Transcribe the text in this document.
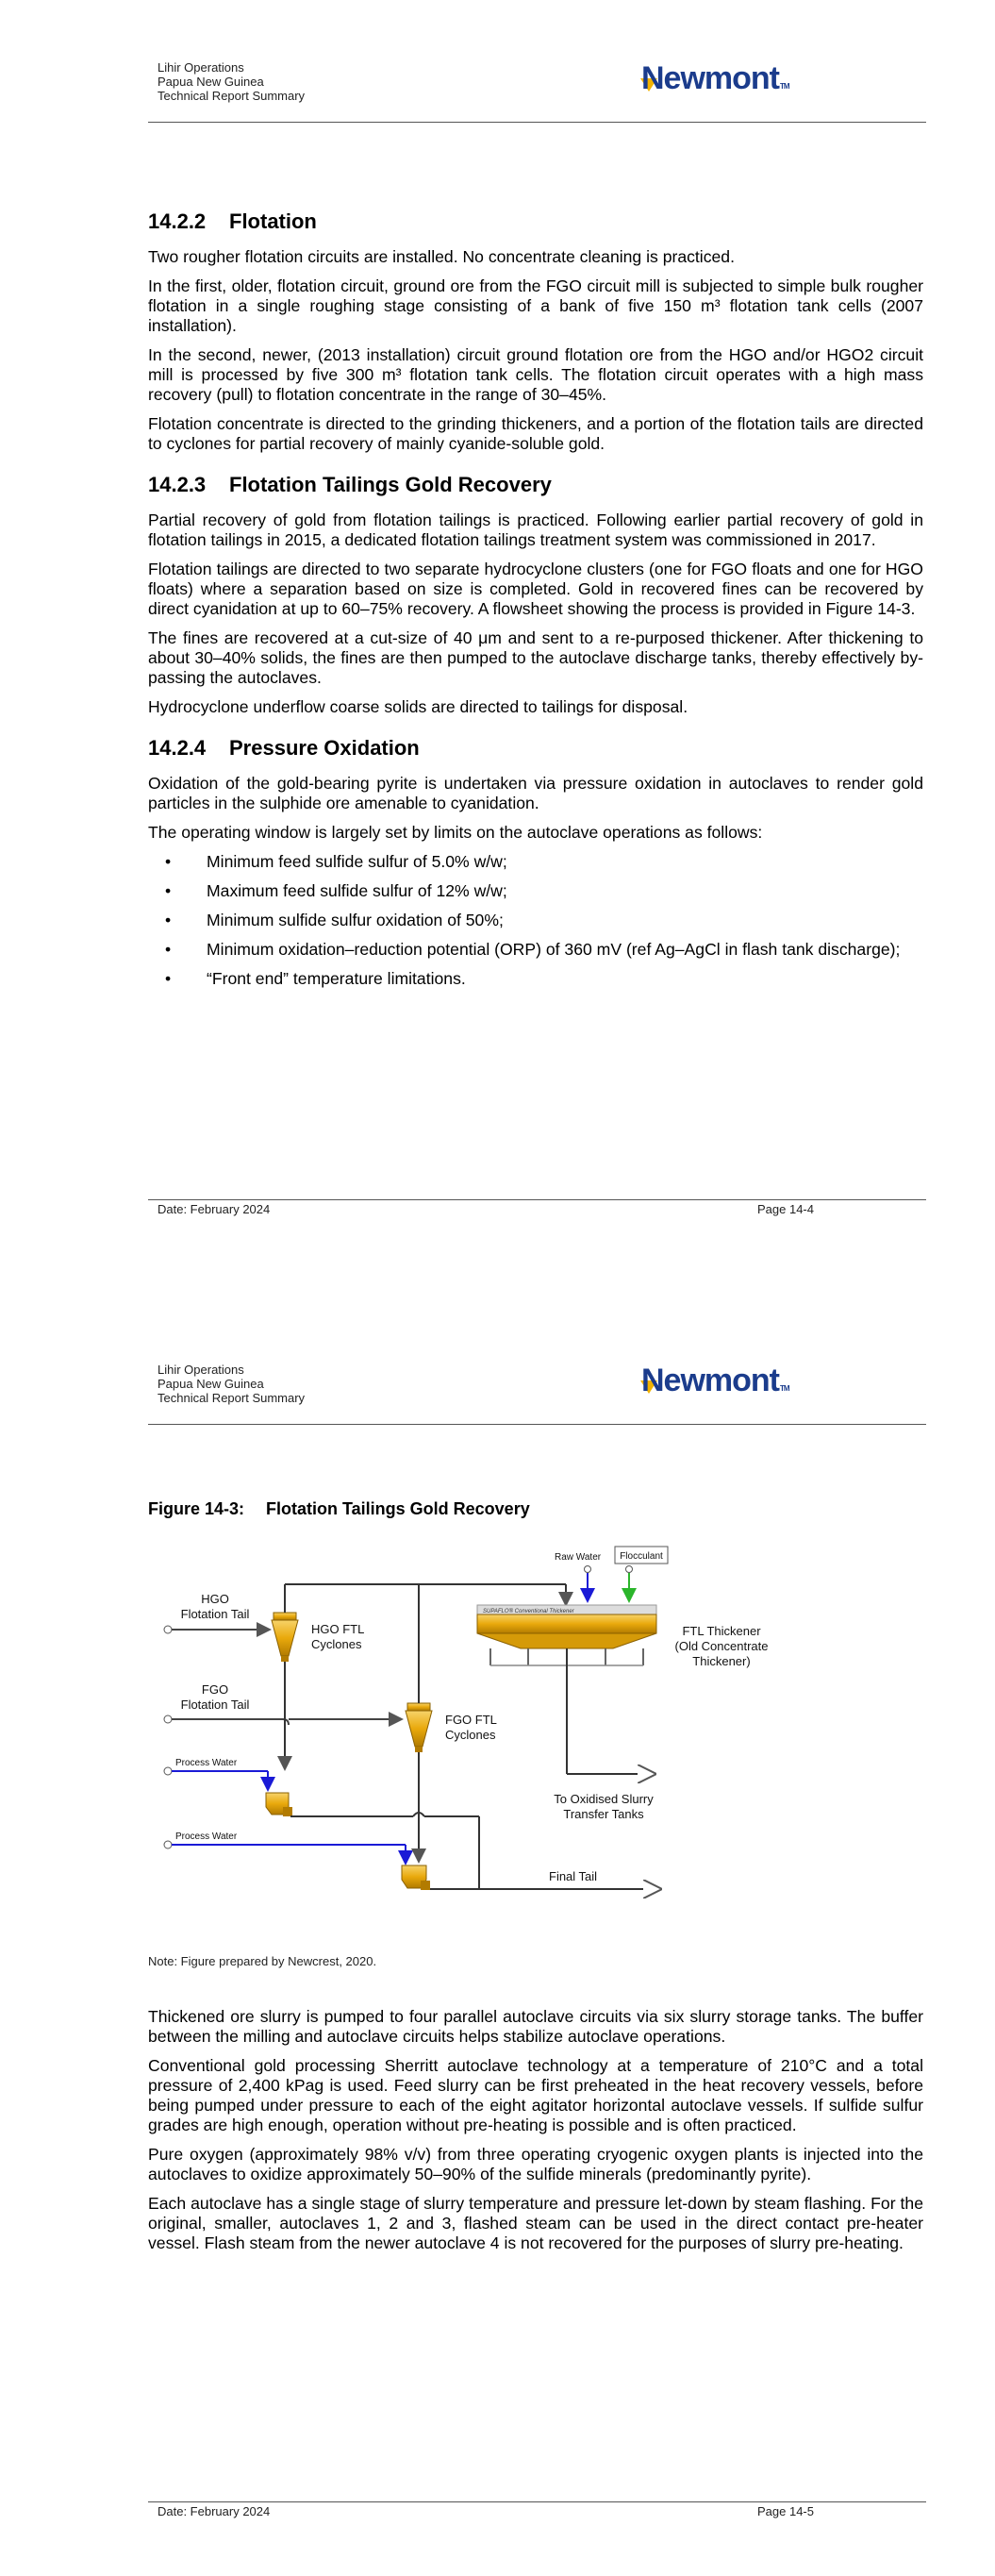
Lihir Operations
Papua New Guinea
Technical Report Summary	NewmontTM
14.2.2 Flotation

Two rougher flotation circuits are installed. No concentrate cleaning is practiced.

In the first, older, flotation circuit, ground ore from the FGO circuit mill is subjected to simple bulk rougher flotation in a single roughing stage consisting of a bank of five 150 m³ flotation tank cells (2007 installation).

In the second, newer, (2013 installation) circuit ground flotation ore from the HGO and/or HGO2 circuit mill is processed by five 300 m³ flotation tank cells. The flotation circuit operates with a high mass recovery (pull) to flotation concentrate in the range of 30–45%.

Flotation concentrate is directed to the grinding thickeners, and a portion of the flotation tails are directed to cyclones for partial recovery of mainly cyanide-soluble gold.

14.2.3 Flotation Tailings Gold Recovery

Partial recovery of gold from flotation tailings is practiced. Following earlier partial recovery of gold in flotation tailings in 2015, a dedicated flotation tailings treatment system was commissioned in 2017.

Flotation tailings are directed to two separate hydrocyclone clusters (one for FGO floats and one for HGO floats) where a separation based on size is completed. Gold in recovered fines can be recovered by direct cyanidation at up to 60–75% recovery. A flowsheet showing the process is provided in Figure 14-3.

The fines are recovered at a cut-size of 40 μm and sent to a re-purposed thickener. After thickening to about 30–40% solids, the fines are then pumped to the autoclave discharge tanks, thereby effectively by-passing the autoclaves.

Hydrocyclone underflow coarse solids are directed to tailings for disposal.

14.2.4 Pressure Oxidation

Oxidation of the gold-bearing pyrite is undertaken via pressure oxidation in autoclaves to render gold particles in the sulphide ore amenable to cyanidation.

The operating window is largely set by limits on the autoclave operations as follows:

• Minimum feed sulfide sulfur of 5.0% w/w;
• Maximum feed sulfide sulfur of 12% w/w;
• Minimum sulfide sulfur oxidation of 50%;
• Minimum oxidation–reduction potential (ORP) of 360 mV (ref Ag–AgCl in flash tank discharge);
• “Front end” temperature limitations.
Date: February 2024	Page 14-4
Lihir Operations
Papua New Guinea
Technical Report Summary	NewmontTM
Figure 14-3: Flotation Tailings Gold Recovery
HGO
Flotation Tail
HGO FTL
Cyclones
FGO
Flotation Tail
FGO FTL
Cyclones
Process Water
Process Water
Raw Water Flocculant
SUPAFLO® Conventional Thickener
FTL Thickener
(Old Concentrate
Thickener)
To Oxidised Slurry
Transfer Tanks
Final Tail
Note: Figure prepared by Newcrest, 2020.

Thickened ore slurry is pumped to four parallel autoclave circuits via six slurry storage tanks. The buffer between the milling and autoclave circuits helps stabilize autoclave operations.

Conventional gold processing Sherritt autoclave technology at a temperature of 210°C and a total pressure of 2,400 kPag is used. Feed slurry can be first preheated in the heat recovery vessels, before being pumped under pressure to each of the eight agitator horizontal autoclave vessels. If sulfide sulfur grades are high enough, operation without pre-heating is possible and is often practiced.

Pure oxygen (approximately 98% v/v) from three operating cryogenic oxygen plants is injected into the autoclaves to oxidize approximately 50–90% of the sulfide minerals (predominantly pyrite).

Each autoclave has a single stage of slurry temperature and pressure let-down by steam flashing. For the original, smaller, autoclaves 1, 2 and 3, flashed steam can be used in the direct contact pre-heater vessel. Flash steam from the newer autoclave 4 is not recovered for the purposes of slurry pre-heating.

Date: February 2024	Page 14-5
